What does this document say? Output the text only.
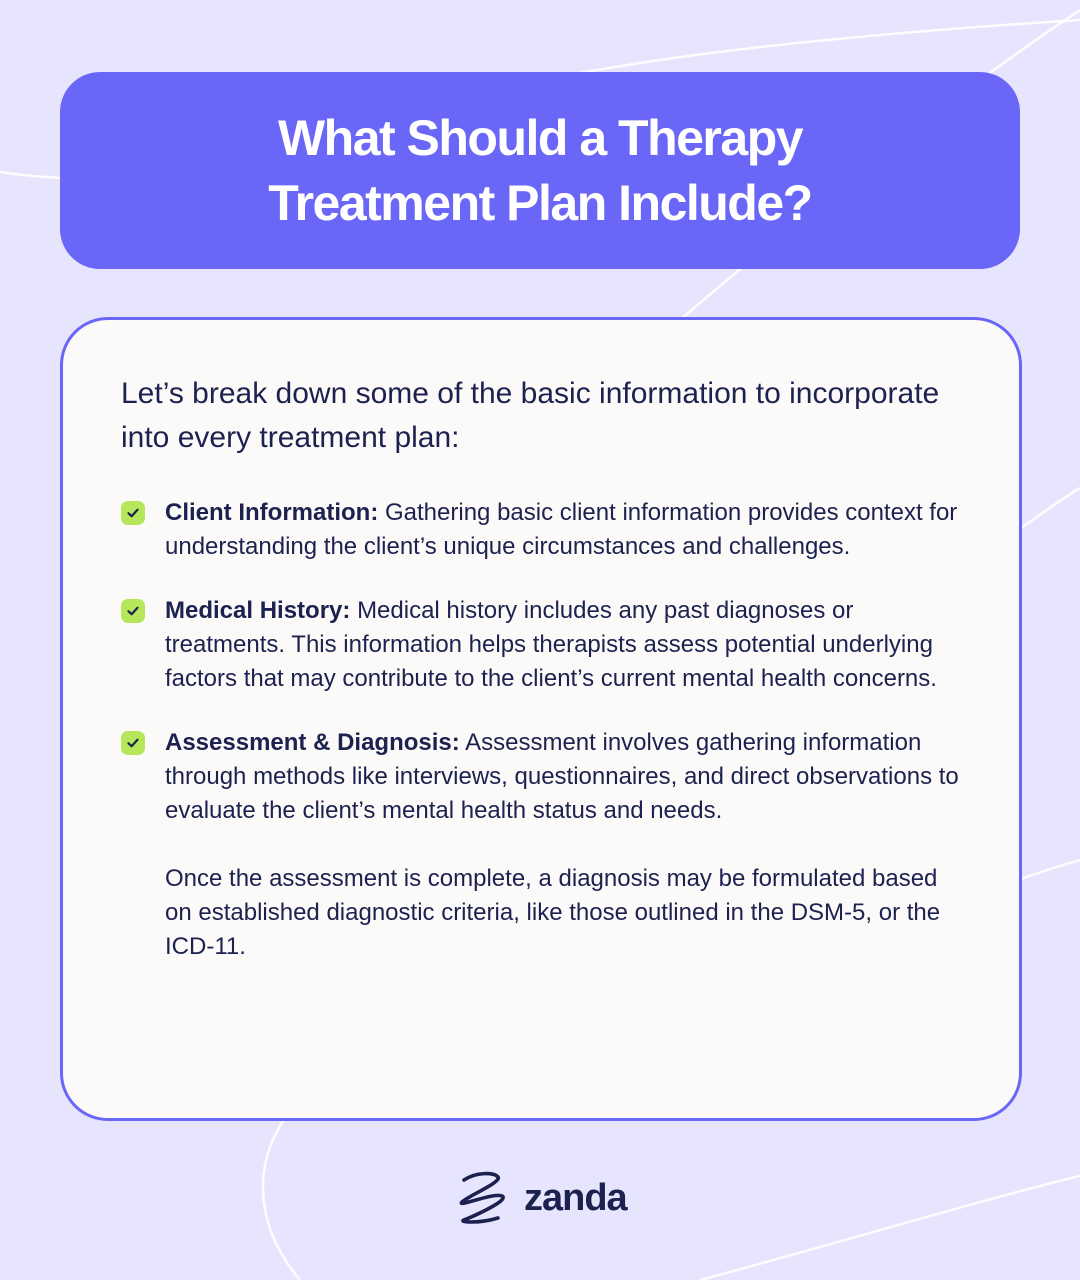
What Should a Therapy
Treatment Plan Include?

Let’s break down some of the basic information to incorporate into every treatment plan:

Client Information: Gathering basic client information provides context for understanding the client’s unique circumstances and challenges.

Medical History: Medical history includes any past diagnoses or treatments. This information helps therapists assess potential underlying factors that may contribute to the client’s current mental health concerns.

Assessment & Diagnosis: Assessment involves gathering information through methods like interviews, questionnaires, and direct observations to evaluate the client’s mental health status and needs.

Once the assessment is complete, a diagnosis may be formulated based on established diagnostic criteria, like those outlined in the DSM-5, or the ICD-11.

zanda
